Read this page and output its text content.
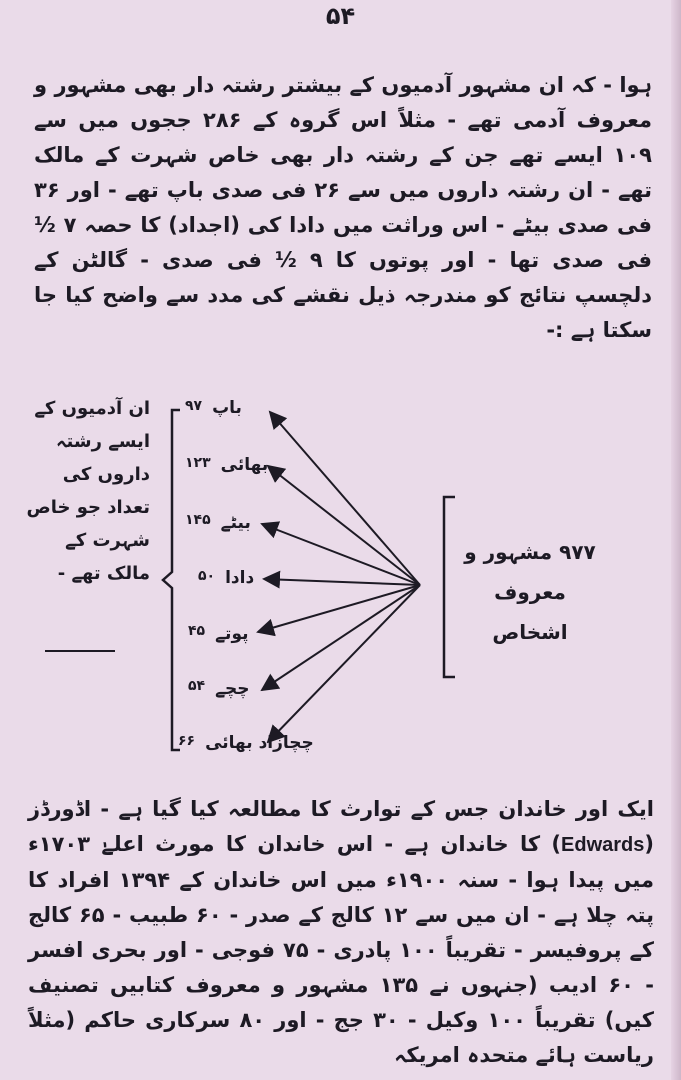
۵۴
ہوا - کہ ان مشہور آدمیوں کے بیشتر رشتہ دار بھی مشہور و معروف آدمی تھے - مثلاً اس گروہ کے ۲۸۶ ججوں میں سے ۱۰۹ ایسے تھے جن کے رشتہ دار بھی خاص شہرت کے مالک تھے - ان رشتہ داروں میں سے ۲۶ فی صدی باپ تھے - اور ۳۶ فی صدی بیٹے - اس وراثت میں دادا کی (اجداد) کا حصہ ۷ ½ فی صدی تھا - اور پوتوں کا ۹ ½ فی صدی - گالٹن کے دلچسپ نتائج کو مندرجہ ذیل نقشے کی مدد سے واضح کیا جا سکتا ہے :-
ان آدمیوں کے ایسے رشتہ داروں کی تعداد جو خاص شہرت کے مالک تھے -
باپ
۹۷
بھائی
۱۲۳
بیٹے
۱۴۵
دادا
۵۰
پوتے
۴۵
چچے
۵۴
چچازاد بھائی
۶۶
۹۷۷ مشہور و معروف اشخاص
ایک اور خاندان جس کے توارث کا مطالعہ کیا گیا ہے - اڈورڈز (Edwards) کا خاندان ہے - اس خاندان کا مورث اعلےٰ ۱۷۰۳ء میں پیدا ہوا - سنہ ۱۹۰۰ء میں اس خاندان کے ۱۳۹۴ افراد کا پتہ چلا ہے - ان میں سے ۱۲ کالج کے صدر - ۶۰ طبیب - ۶۵ کالج کے پروفیسر - تقریباً ۱۰۰ پادری - ۷۵ فوجی - اور بحری افسر - ۶۰ ادیب (جنہوں نے ۱۳۵ مشہور و معروف کتابیں تصنیف کیں) تقریباً ۱۰۰ وکیل - ۳۰ جج - اور ۸۰ سرکاری حاکم (مثلاً ریاست ہائے متحدہ امریکہ
